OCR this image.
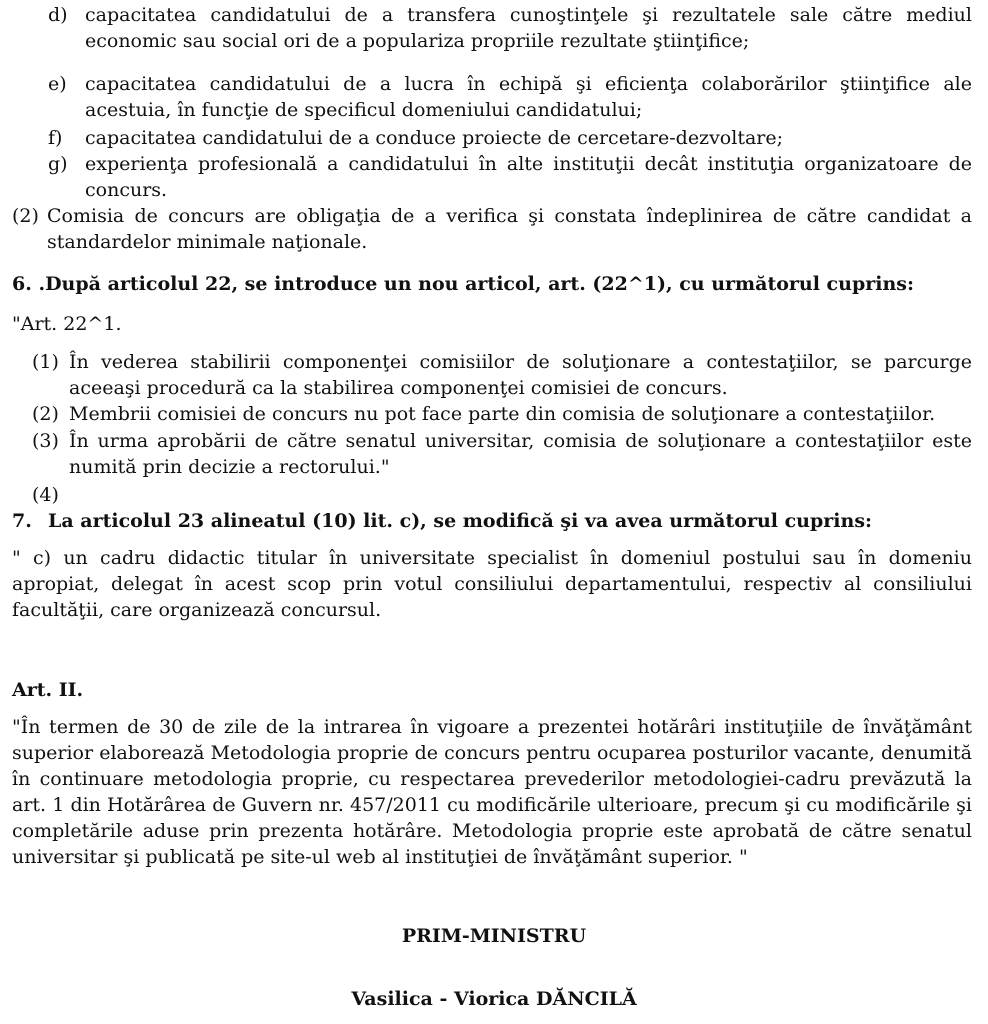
d) capacitatea candidatului de a transfera cunoştinţele şi rezultatele sale către mediul economic sau social ori de a populariza propriile rezultate ştiinţifice;
e) capacitatea candidatului de a lucra în echipă şi eficienţa colaborărilor ştiinţifice ale acestuia, în funcţie de specificul domeniului candidatului;
f)	capacitatea candidatului de a conduce proiecte de cercetare-dezvoltare;
g) experienţa profesională a candidatului în alte instituţii decât instituţia organizatoare de concurs.
(2) Comisia de concurs are obligaţia de a verifica şi constata îndeplinirea de către candidat a standardelor minimale naţionale.
6. .După articolul 22, se introduce un nou articol, art. (22^1), cu următorul cuprins:
"Art. 22^1.
(1) În vederea stabilirii componenţei comisiilor de soluţionare a contestaţiilor, se parcurge aceeaşi procedură ca la stabilirea componenţei comisiei de concurs.
(2) Membrii comisiei de concurs nu pot face parte din comisia de soluţionare a contestaţiilor.
(3) În urma aprobării de către senatul universitar, comisia de soluţionare a contestaţiilor este numită prin decizie a rectorului."
(4)
7. La articolul 23 alineatul (10) lit. c), se modifică şi va avea următorul cuprins:
" c) un cadru didactic titular în universitate specialist în domeniul postului sau în domeniu apropiat, delegat în acest scop prin votul consiliului departamentului, respectiv al consiliului facultăţii, care organizează concursul.
Art. II.
"În termen de 30 de zile de la intrarea în vigoare a prezentei hotărâri instituţiile de învăţământ superior elaborează Metodologia proprie de concurs pentru ocuparea posturilor vacante, denumită în continuare metodologia proprie, cu respectarea prevederilor metodologiei-cadru prevăzută la art. 1 din Hotărârea de Guvern nr. 457/2011 cu modificările ulterioare, precum şi cu modificările şi completările aduse prin prezenta hotărâre. Metodologia proprie este aprobată de către senatul universitar şi publicată pe site-ul web al instituţiei de învăţământ superior. "
PRIM-MINISTRU
Vasilica - Viorica DĂNCILĂ
